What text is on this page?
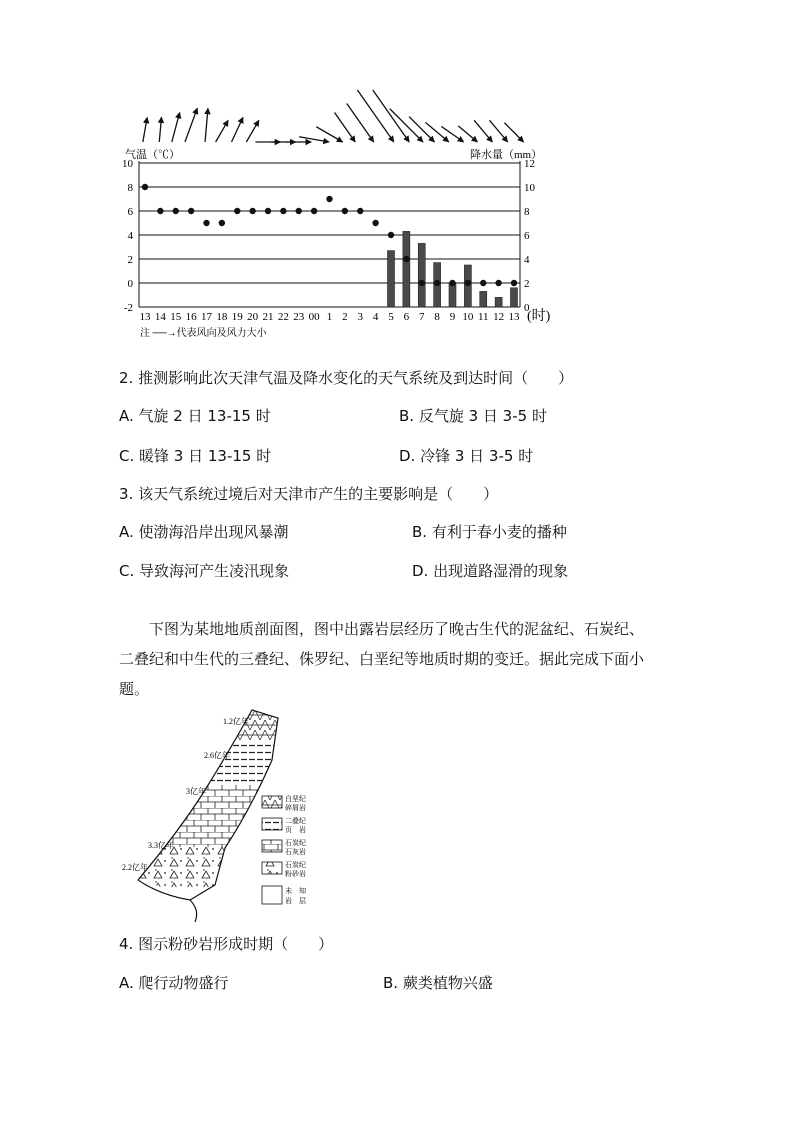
10
8
6
4
2
0
-2
12
10
8
6
4
2
0
13 14 15 16 17 18 19 20 21 22 23 00 1 2 3 4 5 6 7 8 9 10 11 12 13
气温（℃）	降水量（mm）
(时)
注 ──→代表风向及风力大小
2. 推测影响此次天津气温及降水变化的天气系统及到达时间（　　）
A. 气旋 2 日 13-15 时	B. 反气旋 3 日 3-5 时
C. 暖锋 3 日 13-15 时	D. 冷锋 3 日 3-5 时
3. 该天气系统过境后对天津市产生的主要影响是（　　）
A. 使渤海沿岸出现风暴潮	B. 有利于春小麦的播种
C. 导致海河产生凌汛现象	D. 出现道路湿滑的现象
　　下图为某地地质剖面图，图中出露岩层经历了晚古生代的泥盆纪、石炭纪、
二叠纪和中生代的三叠纪、侏罗纪、白垩纪等地质时期的变迁。据此完成下面小
题。
1.2亿年
2.6亿年
3亿年
3.3亿年
2.2亿年
白垩纪
碎屑岩
二叠纪
页　岩
石炭纪
石灰岩
石炭纪
粉砂岩
未　知
岩　层
4. 图示粉砂岩形成时期（　　）
A. 爬行动物盛行	B. 蕨类植物兴盛
